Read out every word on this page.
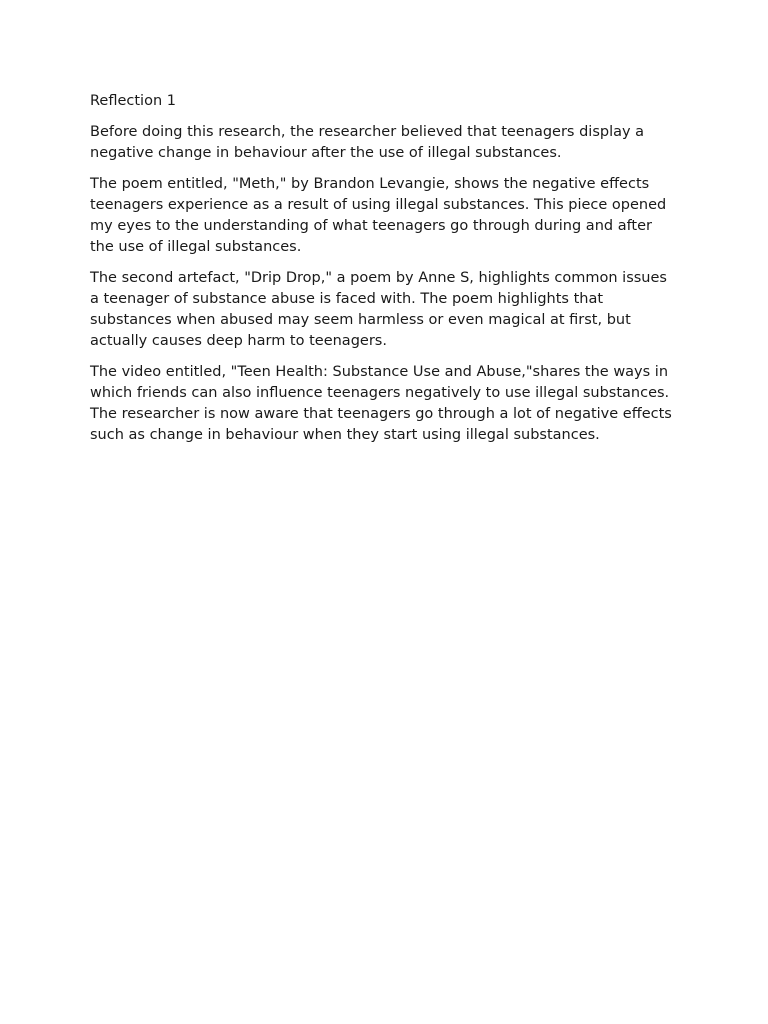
Reflection 1

Before doing this research, the researcher believed that teenagers display a negative change in behaviour after the use of illegal substances.

The poem entitled, "Meth," by Brandon Levangie, shows the negative effects teenagers experience as a result of using illegal substances. This piece opened my eyes to the understanding of what teenagers go through during and after the use of illegal substances.

The second artefact, "Drip Drop," a poem by Anne S, highlights common issues a teenager of substance abuse is faced with. The poem highlights that substances when abused may seem harmless or even magical at first, but actually causes deep harm to teenagers.

The video entitled, "Teen Health: Substance Use and Abuse,"shares the ways in which friends can also influence teenagers negatively to use illegal substances. The researcher is now aware that teenagers go through a lot of negative effects such as change in behaviour when they start using illegal substances.
